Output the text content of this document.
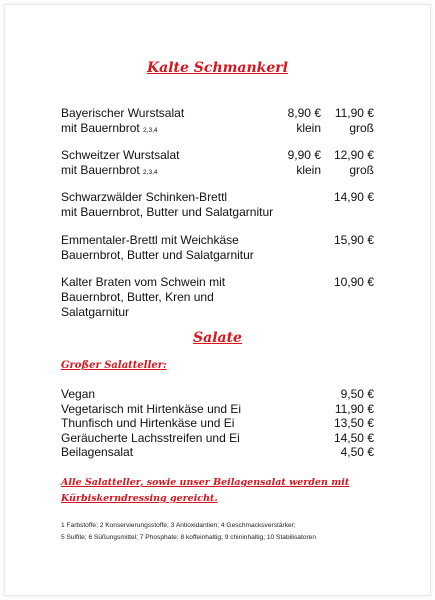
Kalte Schmankerl
Bayerischer Wurstsalat
mit Bauernbrot 2,3,4
8,90 €	11,90 €
klein	groß
Schweitzer Wurstsalat
mit Bauernbrot 2,3,4
9,90 €	12,90 €
klein	groß
Schwarzwälder Schinken-Brettl
mit Bauernbrot, Butter und Salatgarnitur
14,90 €
Emmentaler-Brettl mit Weichkäse
Bauernbrot, Butter und Salatgarnitur
15,90 €
Kalter Braten vom Schwein mit
Bauernbrot, Butter, Kren und
Salatgarnitur
10,90 €
Salate
Großer Salatteller:
Vegan	9,50 €
Vegetarisch mit Hirtenkäse und Ei	11,90 €
Thunfisch und Hirtenkäse und Ei	13,50 €
Geräucherte Lachsstreifen und Ei	14,50 €
Beilagensalat	4,50 €
Alle Salatteller, sowie unser Beilagensalat werden mit
Kürbiskerndressing gereicht.
1 Farbstoffe; 2 Konservierungsstoffe; 3 Antioxidantien; 4 Geschmacksverstärker;
5 Sulfite; 6 Süßungsmittel; 7 Phosphate; 8 koffeinhaltig; 9 chininhaltig; 10 Stabilisatoren
